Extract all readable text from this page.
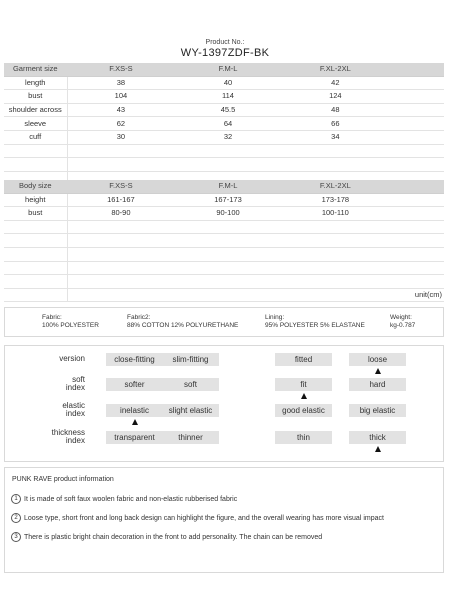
Product No.:
WY-1397ZDF-BK
Garment size	F.XS-S	F.M-L	F.XL-2XL	
length	38	40	42	
bust	104	114	124	
shoulder across	43	45.5	48	
sleeve	62	64	66	
cuff	30	32	34	

Body size	F.XS-S	F.M-L	F.XL-2XL	
height	161-167	167-173	173-178	
bust	80-90	90-100	100-110	

	unit(cm)			
Fabric:
100% POLYESTER
Fabric2:
88% COTTON 12% POLYURETHANE
Lining:
95% POLYESTER 5% ELASTANE
Weight:
kg-0.787
version	close-fitting	slim-fitting	fitted	loose
soft
index	softer	soft	fit	hard
elastic
index	inelastic	slight elastic	good elastic	big elastic
thickness
index	transparent	thinner	thin	thick
PUNK RAVE product information
1 It is made of soft faux woolen fabric and non-elastic rubberised fabric
2 Loose type, short front and long back design can highlight the figure, and the overall wearing has more visual impact
3 There is plastic bright chain decoration in the front to add personality. The chain can be removed
